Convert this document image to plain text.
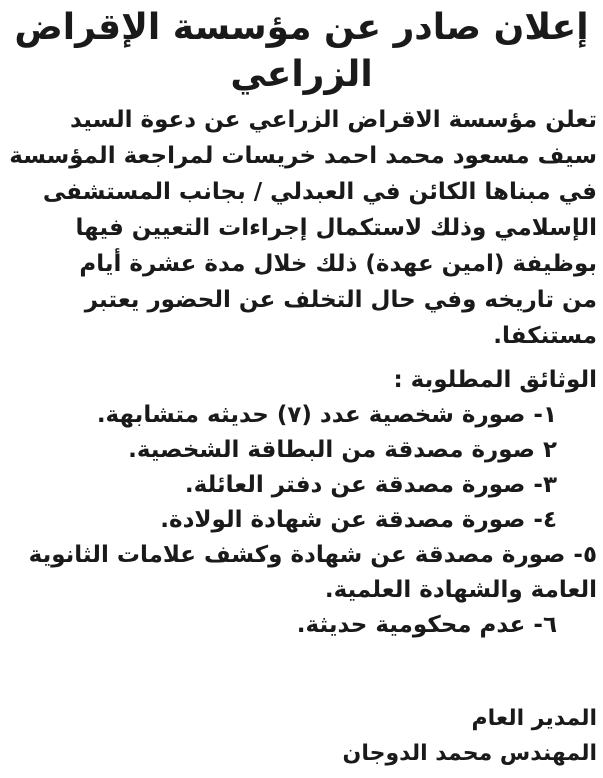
إعلان صادر عن مؤسسة الإقراض
الزراعي
تعلن مؤسسة الاقراض الزراعي عن دعوة السيد
سيف مسعود محمد احمد خريسات لمراجعة المؤسسة
في مبناها الكائن في العبدلي / بجانب المستشفى
الإسلامي وذلك لاستكمال إجراءات التعيين فيها
بوظيفة (امين عهدة) ذلك خلال مدة عشرة أيام
من تاريخه وفي حال التخلف عن الحضور يعتبر
مستنكفا.
الوثائق المطلوبة :
١- صورة شخصية عدد (٧) حديثه متشابهة.
٢ صورة مصدقة من البطاقة الشخصية.
٣- صورة مصدقة عن دفتر العائلة.
٤- صورة مصدقة عن شهادة الولادة.
٥- صورة مصدقة عن شهادة وكشف علامات الثانوية
العامة والشهادة العلمية.
٦- عدم محكومية حديثة.
المدير العام
المهندس محمد الدوجان
